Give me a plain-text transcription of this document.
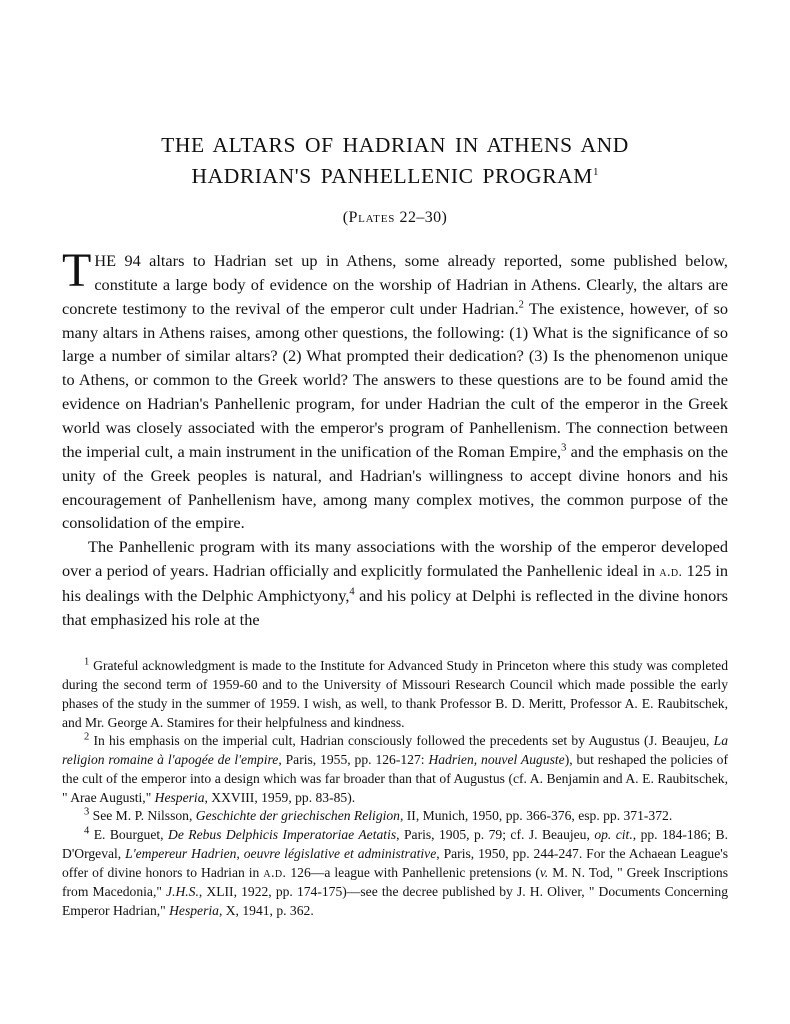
THE ALTARS OF HADRIAN IN ATHENS AND
HADRIAN'S PANHELLENIC PROGRAM$^1$
(Plates 22–30)

THE 94 altars to Hadrian set up in Athens, some already reported, some published below, constitute a large body of evidence on the worship of Hadrian in Athens. Clearly, the altars are concrete testimony to the revival of the emperor cult under Hadrian.$^2$ The existence, however, of so many altars in Athens raises, among other questions, the following: (1) What is the significance of so large a number of similar altars? (2) What prompted their dedication? (3) Is the phenomenon unique to Athens, or common to the Greek world? The answers to these questions are to be found amid the evidence on Hadrian's Panhellenic program, for under Hadrian the cult of the emperor in the Greek world was closely associated with the emperor's program of Panhellenism. The connection between the imperial cult, a main instrument in the unification of the Roman Empire,$^3$ and the emphasis on the unity of the Greek peoples is natural, and Hadrian's willingness to accept divine honors and his encouragement of Panhellenism have, among many complex motives, the common purpose of the consolidation of the empire.

The Panhellenic program with its many associations with the worship of the emperor developed over a period of years. Hadrian officially and explicitly formulated the Panhellenic ideal in a.d. 125 in his dealings with the Delphic Amphictyony,$^4$ and his policy at Delphi is reflected in the divine honors that emphasized his role at the

$^1$ Grateful acknowledgment is made to the Institute for Advanced Study in Princeton where this study was completed during the second term of 1959-60 and to the University of Missouri Research Council which made possible the early phases of the study in the summer of 1959. I wish, as well, to thank Professor B. D. Meritt, Professor A. E. Raubitschek, and Mr. George A. Stamires for their helpfulness and kindness.

$^2$ In his emphasis on the imperial cult, Hadrian consciously followed the precedents set by Augustus (J. Beaujeu, La religion romaine à l'apogée de l'empire, Paris, 1955, pp. 126-127: Hadrien, nouvel Auguste), but reshaped the policies of the cult of the emperor into a design which was far broader than that of Augustus (cf. A. Benjamin and A. E. Raubitschek, " Arae Augusti," Hesperia, XXVIII, 1959, pp. 83-85).

$^3$ See M. P. Nilsson, Geschichte der griechischen Religion, II, Munich, 1950, pp. 366-376, esp. pp. 371-372.

$^4$ E. Bourguet, De Rebus Delphicis Imperatoriae Aetatis, Paris, 1905, p. 79; cf. J. Beaujeu, op. cit., pp. 184-186; B. D'Orgeval, L'empereur Hadrien, oeuvre législative et administrative, Paris, 1950, pp. 244-247. For the Achaean League's offer of divine honors to Hadrian in a.d. 126—a league with Panhellenic pretensions (v. M. N. Tod, " Greek Inscriptions from Macedonia," J.H.S., XLII, 1922, pp. 174-175)—see the decree published by J. H. Oliver, " Documents Concerning Emperor Hadrian," Hesperia, X, 1941, p. 362.
